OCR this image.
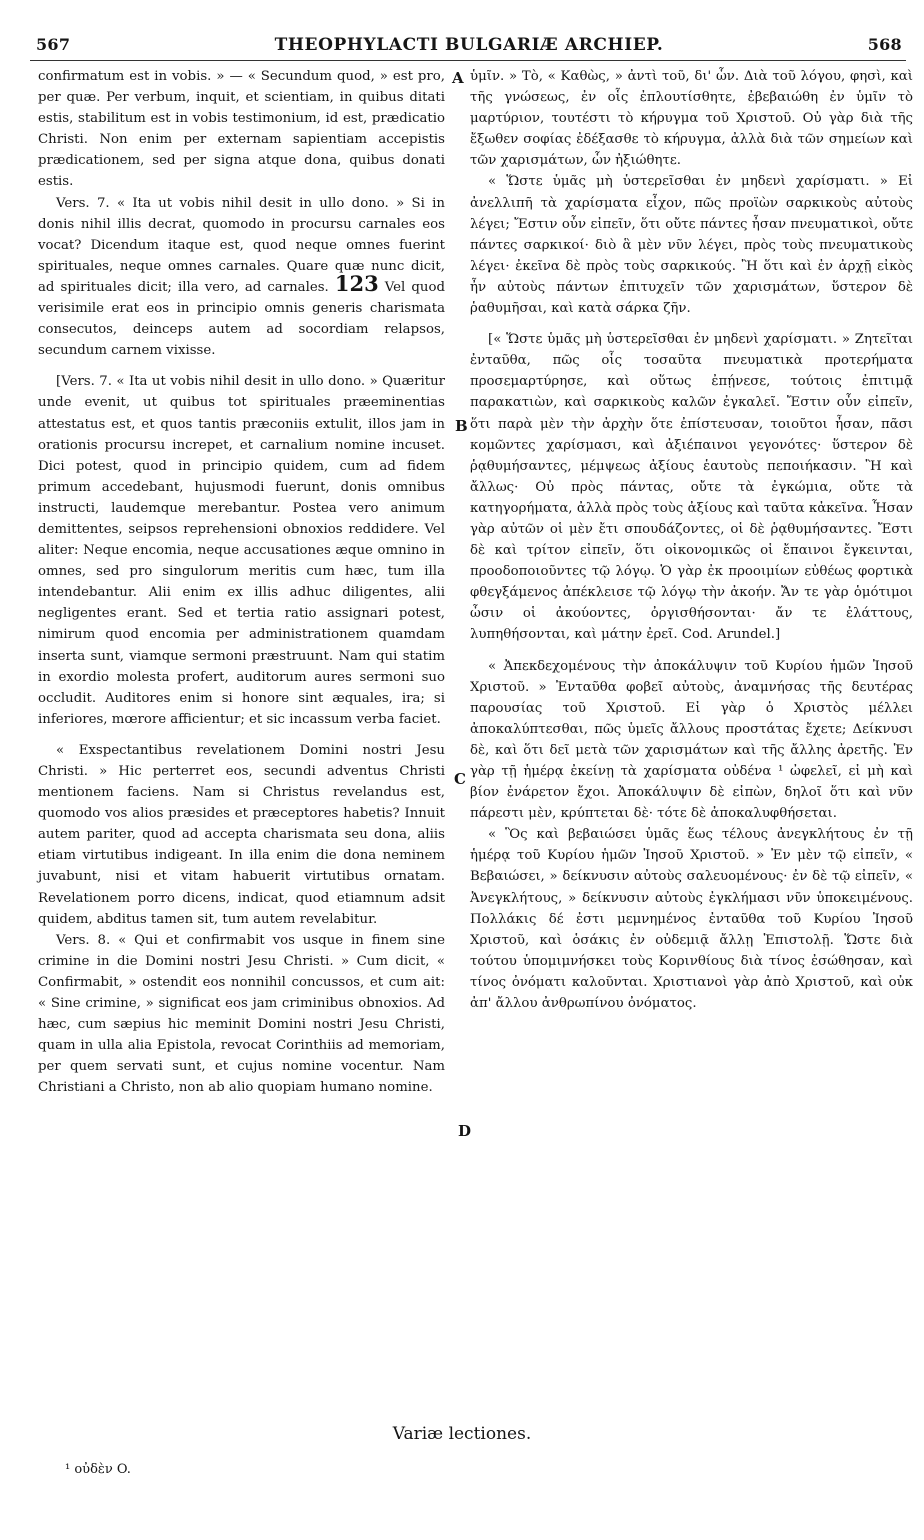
567	THEOPHYLACTI BULGARIÆ ARCHIEP.	568
A
B
C
D

confirmatum est in vobis. » — « Secundum quod, » est pro, per quæ. Per verbum, inquit, et scientiam, in quibus ditati estis, stabilitum est in vobis testimonium, id est, prædicatio Christi. Non enim per externam sapientiam accepistis prædicationem, sed per signa atque dona, quibus donati estis.

Vers. 7. « Ita ut vobis nihil desit in ullo dono. » Si in donis nihil illis decrat, quomodo in procursu carnales eos vocat? Dicendum itaque est, quod neque omnes fuerint spirituales, neque omnes carnales. Quare quæ nunc dicit, ad spirituales dicit; illa vero, ad carnales. 123 Vel quod verisimile erat eos in principio omnis generis charismata consecutos, deinceps autem ad socordiam relapsos, secundum carnem vixisse.

[Vers. 7. « Ita ut vobis nihil desit in ullo dono. » Quæritur unde evenit, ut quibus tot spirituales præeminentias attestatus est, et quos tantis præconiis extulit, illos jam in orationis procursu increpet, et carnalium nomine incuset. Dici potest, quod in principio quidem, cum ad fidem primum accedebant, hujusmodi fuerunt, donis omnibus instructi, laudemque merebantur. Postea vero animum demittentes, seipsos reprehensioni obnoxios reddidere. Vel aliter: Neque encomia, neque accusationes æque omnino in omnes, sed pro singulorum meritis cum hæc, tum illa intendebantur. Alii enim ex illis adhuc diligentes, alii negligentes erant. Sed et tertia ratio assignari potest, nimirum quod encomia per administrationem quamdam inserta sunt, viamque sermoni præstruunt. Nam qui statim in exordio molesta profert, auditorum aures sermoni suo occludit. Auditores enim si honore sint æquales, ira; si inferiores, mœrore afficientur; et sic incassum verba faciet.

« Exspectantibus revelationem Domini nostri Jesu Christi. » Hic perterret eos, secundi adventus Christi mentionem faciens. Nam si Christus revelandus est, quomodo vos alios præsides et præceptores habetis? Innuit autem pariter, quod ad accepta charismata seu dona, aliis etiam virtutibus indigeant. In illa enim die dona neminem juvabunt, nisi et vitam habuerit virtutibus ornatam. Revelationem porro dicens, indicat, quod etiamnum adsit quidem, abditus tamen sit, tum autem revelabitur.

Vers. 8. « Qui et confirmabit vos usque in finem sine crimine in die Domini nostri Jesu Christi. » Cum dicit, « Confirmabit, » ostendit eos nonnihil concussos, et cum ait: « Sine crimine, » significat eos jam criminibus obnoxios. Ad hæc, cum sæpius hic meminit Domini nostri Jesu Christi, quam in ulla alia Epistola, revocat Corinthiis ad memoriam, per quem servati sunt, et cujus nomine vocentur. Nam Christiani a Christo, non ab alio quopiam humano nomine.

ὑμῖν. » Τὸ, « Καθὼς, » ἀντὶ τοῦ, δι' ὧν. Διὰ τοῦ λόγου, φησὶ, καὶ τῆς γνώσεως, ἐν οἷς ἐπλουτίσθητε, ἐβεβαιώθη ἐν ὑμῖν τὸ μαρτύριον, τουτέστι τὸ κήρυγμα τοῦ Χριστοῦ. Οὐ γὰρ διὰ τῆς ἔξωθεν σοφίας ἐδέξασθε τὸ κήρυγμα, ἀλλὰ διὰ τῶν σημείων καὶ τῶν χαρισμάτων, ὧν ἠξιώθητε.

« Ὥστε ὑμᾶς μὴ ὑστερεῖσθαι ἐν μηδενὶ χαρίσματι. » Εἰ ἀνελλιπῆ τὰ χαρίσματα εἶχον, πῶς προϊὼν σαρκικοὺς αὐτοὺς λέγει; Ἔστιν οὖν εἰπεῖν, ὅτι οὔτε πάντες ἦσαν πνευματικοὶ, οὔτε πάντες σαρκικοί· διὸ ἃ μὲν νῦν λέγει, πρὸς τοὺς πνευματικοὺς λέγει· ἐκεῖνα δὲ πρὸς τοὺς σαρκικούς. Ἢ ὅτι καὶ ἐν ἀρχῇ εἰκὸς ἦν αὐτοὺς πάντων ἐπιτυχεῖν τῶν χαρισμάτων, ὕστερον δὲ ῥαθυμῆσαι, καὶ κατὰ σάρκα ζῆν.

[« Ὥστε ὑμᾶς μὴ ὑστερεῖσθαι ἐν μηδενὶ χαρίσματι. » Ζητεῖται ἐνταῦθα, πῶς οἷς τοσαῦτα πνευματικὰ προτερήματα προσεμαρτύρησε, καὶ οὕτως ἐπῄνεσε, τούτοις ἐπιτιμᾷ παρακατιὼν, καὶ σαρκικοὺς καλῶν ἐγκαλεῖ. Ἔστιν οὖν εἰπεῖν, ὅτι παρὰ μὲν τὴν ἀρχὴν ὅτε ἐπίστευσαν, τοιοῦτοι ἦσαν, πᾶσι κομῶντες χαρίσμασι, καὶ ἀξιέπαινοι γεγονότες· ὕστερον δὲ ῥᾳθυμήσαντες, μέμψεως ἀξίους ἑαυτοὺς πεποιήκασιν. Ἢ καὶ ἄλλως· Οὐ πρὸς πάντας, οὔτε τὰ ἐγκώμια, οὔτε τὰ κατηγορήματα, ἀλλὰ πρὸς τοὺς ἀξίους καὶ ταῦτα κἀκεῖνα. Ἦσαν γὰρ αὐτῶν οἱ μὲν ἔτι σπουδάζοντες, οἱ δὲ ῥᾳθυμήσαντες. Ἔστι δὲ καὶ τρίτον εἰπεῖν, ὅτι οἰκονομικῶς οἱ ἔπαινοι ἔγκεινται, προοδοποιοῦντες τῷ λόγῳ. Ὁ γὰρ ἐκ προοιμίων εὐθέως φορτικὰ φθεγξάμενος ἀπέκλεισε τῷ λόγῳ τὴν ἀκοήν. Ἄν τε γὰρ ὁμότιμοι ὦσιν οἱ ἀκούοντες, ὀργισθήσονται· ἄν τε ἐλάττους, λυπηθήσονται, καὶ μάτην ἐρεῖ. Cod. Arundel.]

« Ἀπεκδεχομένους τὴν ἀποκάλυψιν τοῦ Κυρίου ἡμῶν Ἰησοῦ Χριστοῦ. » Ἐνταῦθα φοβεῖ αὐτοὺς, ἀναμνήσας τῆς δευτέρας παρουσίας τοῦ Χριστοῦ. Εἰ γὰρ ὁ Χριστὸς μέλλει ἀποκαλύπτεσθαι, πῶς ὑμεῖς ἄλλους προστάτας ἔχετε; Δείκνυσι δὲ, καὶ ὅτι δεῖ μετὰ τῶν χαρισμάτων καὶ τῆς ἄλλης ἀρετῆς. Ἐν γὰρ τῇ ἡμέρᾳ ἐκείνῃ τὰ χαρίσματα οὐδένα ¹ ὠφελεῖ, εἰ μὴ καὶ βίον ἐνάρετον ἔχοι. Ἀποκάλυψιν δὲ εἰπὼν, δηλοῖ ὅτι καὶ νῦν πάρεστι μὲν, κρύπτεται δὲ· τότε δὲ ἀποκαλυφθήσεται.

« Ὃς καὶ βεβαιώσει ὑμᾶς ἕως τέλους ἀνεγκλήτους ἐν τῇ ἡμέρᾳ τοῦ Κυρίου ἡμῶν Ἰησοῦ Χριστοῦ. » Ἐν μὲν τῷ εἰπεῖν, « Βεβαιώσει, » δείκνυσιν αὐτοὺς σαλευομένους· ἐν δὲ τῷ εἰπεῖν, « Ἀνεγκλήτους, » δείκνυσιν αὐτοὺς ἐγκλήμασι νῦν ὑποκειμένους. Πολλάκις δέ ἐστι μεμνημένος ἐνταῦθα τοῦ Κυρίου Ἰησοῦ Χριστοῦ, καὶ ὁσάκις ἐν οὐδεμιᾷ ἄλλῃ Ἐπιστολῇ. Ὥστε διὰ τούτου ὑπομιμνήσκει τοὺς Κορινθίους διὰ τίνος ἐσώθησαν, καὶ τίνος ὀνόματι καλοῦνται. Χριστιανοὶ γὰρ ἀπὸ Χριστοῦ, καὶ οὐκ ἀπ' ἄλλου ἀνθρωπίνου ὀνόματος.

Variæ lectiones.
¹ οὐδὲν O.
